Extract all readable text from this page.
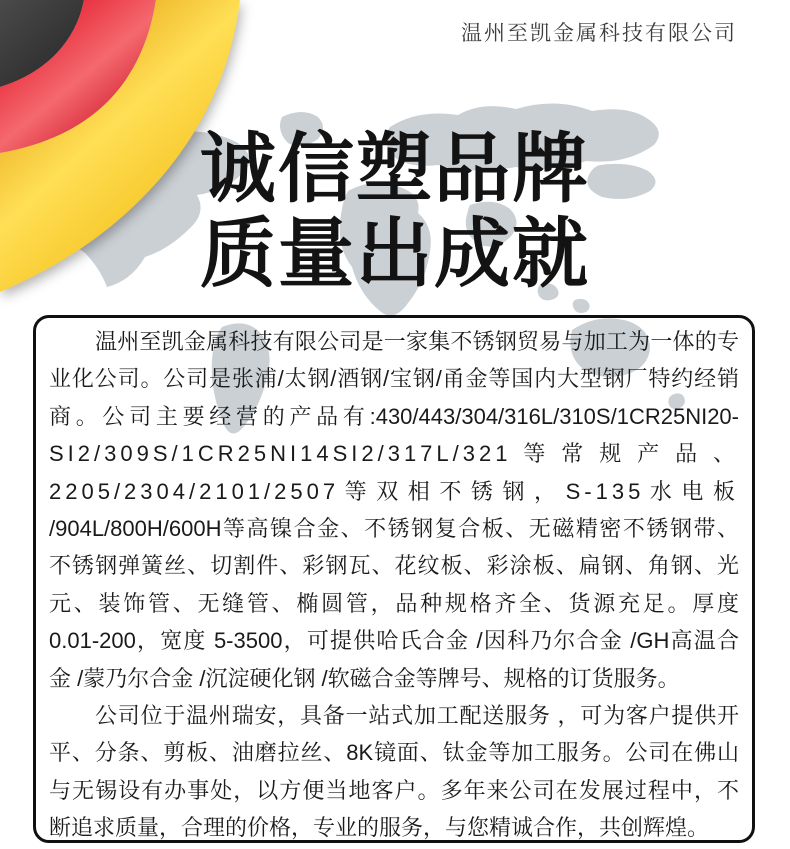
温州至凯金属科技有限公司
诚信塑品牌
质量出成就
温州至凯金属科技有限公司是一家集不锈钢贸易与加工为一体的专
业化公司。公司是张浦/太钢/酒钢/宝钢/甬金等国内大型钢厂特约经销
商。公司主要经营的产品有:430/443/304/316L/310S/1CR25NI20-
SI2/309S/1CR25NI14SI2/317L/321等常规产品、
2205/2304/2101/2507等双相不锈钢，S-135水电板
/904L/800H/600H等高镍合金、不锈钢复合板、无磁精密不锈钢带、
不锈钢弹簧丝、切割件、彩钢瓦、花纹板、彩涂板、扁钢、角钢、光
元、装饰管、无缝管、椭圆管，品种规格齐全、货源充足。厚度
0.01-200，宽度 5-3500，可提供哈氏合金 /因科乃尔合金 /GH高温合
金 /蒙乃尔合金 /沉淀硬化钢 /软磁合金等牌号、规格的订货服务。
公司位于温州瑞安，具备一站式加工配送服务 ，可为客户提供开
平、分条、剪板、油磨拉丝、8K镜面、钛金等加工服务。公司在佛山
与无锡设有办事处，以方便当地客户。多年来公司在发展过程中，不
断追求质量，合理的价格，专业的服务，与您精诚合作，共创辉煌。
